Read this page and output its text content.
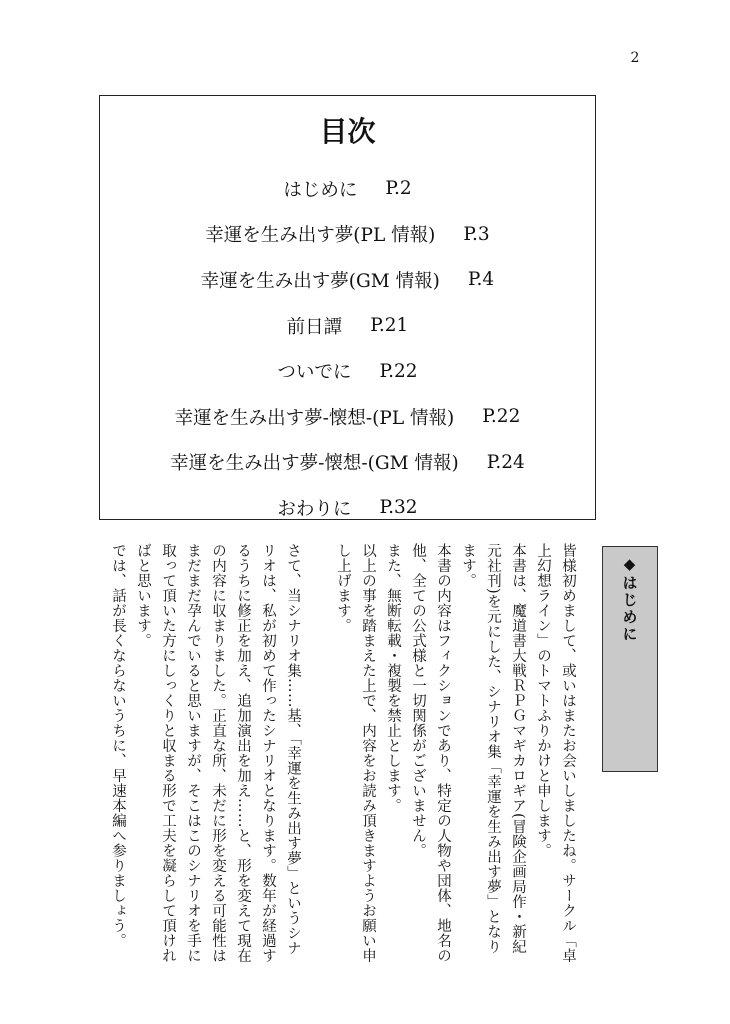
2
目次
はじめに P.2
幸運を生み出す夢(PL 情報) P.3
幸運を生み出す夢(GM 情報) P.4
前日譚 P.21
ついでに P.22
幸運を生み出す夢-懐想-(PL 情報) P.22
幸運を生み出す夢-懐想-(GM 情報) P.24
おわりに P.32
◆はじめに

皆様初めまして、或いはまたお会いしましたね。サークル「卓上幻想ライン」のトマトふりかけと申します。

本書は、魔道書大戦ＲＰＧマギカロギア(冒険企画局作・新紀元社刊)を元にした、シナリオ集「幸運を生み出す夢」となります。

本書の内容はフィクションであり、特定の人物や団体、地名の他、全ての公式様と一切関係がございません。

また、無断転載・複製を禁止とします。

以上の事を踏まえた上で、内容をお読み頂きますようお願い申し上げます。

さて、当シナリオ集……基、「幸運を生み出す夢」というシナリオは、私が初めて作ったシナリオとなります。数年が経過するうちに修正を加え、追加演出を加え……と、形を変えて現在の内容に収まりました。正直な所、未だに形を変える可能性はまだまだ孕んでいると思いますが、そこはこのシナリオを手に取って頂いた方にしっくりと収まる形で工夫を凝らして頂ければと思います。

では、話が長くならないうちに、早速本編へ参りましょう。
